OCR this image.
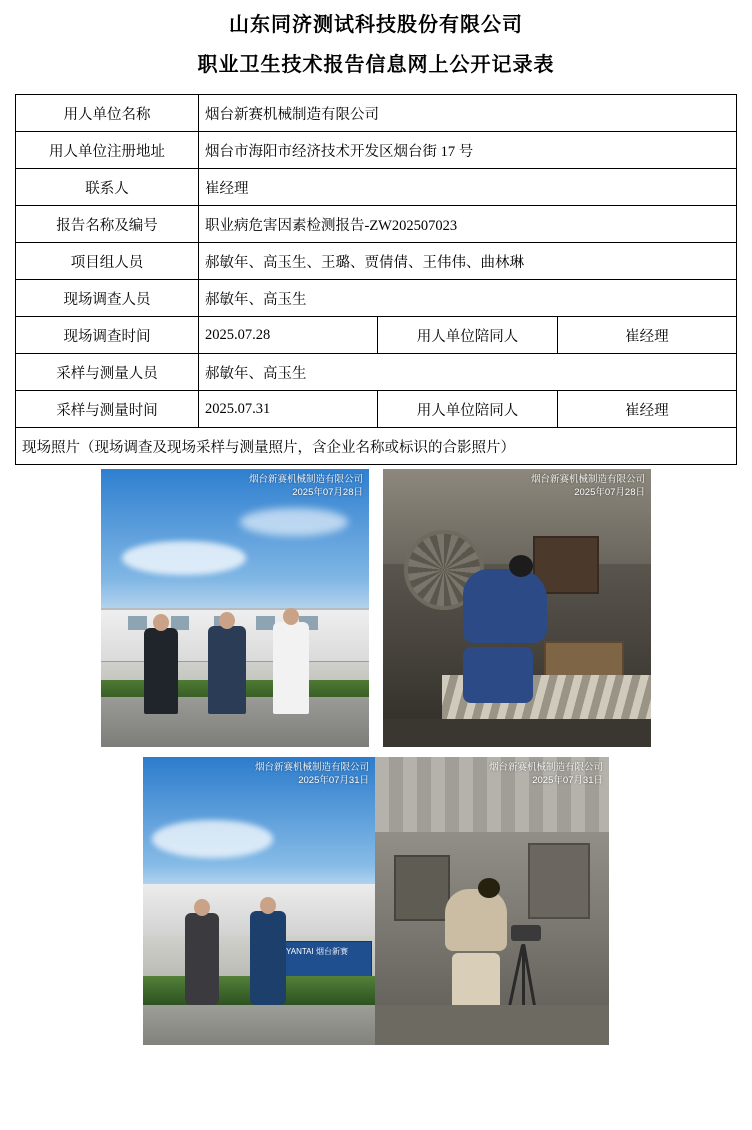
山东同济测试科技股份有限公司
职业卫生技术报告信息网上公开记录表
用人单位名称	烟台新赛机械制造有限公司		
用人单位注册地址	烟台市海阳市经济技术开发区烟台街 17 号		
联系人	崔经理		
报告名称及编号	职业病危害因素检测报告-ZW202507023		
项目组人员	郝敏年、高玉生、王璐、贾倩倩、王伟伟、曲林琳		
现场调查人员	郝敏年、高玉生		
现场调查时间	2025.07.28	用人单位陪同人	崔经理
采样与测量人员	郝敏年、高玉生		
采样与测量时间	2025.07.31	用人单位陪同人	崔经理
现场照片（现场调查及现场采样与测量照片，含企业名称或标识的合影照片）			
烟台新赛机械制造有限公司
2025年07月28日
烟台新赛机械制造有限公司
2025年07月28日
YANTAI 烟台新赛
烟台新赛机械制造有限公司
2025年07月31日
烟台新赛机械制造有限公司
2025年07月31日
